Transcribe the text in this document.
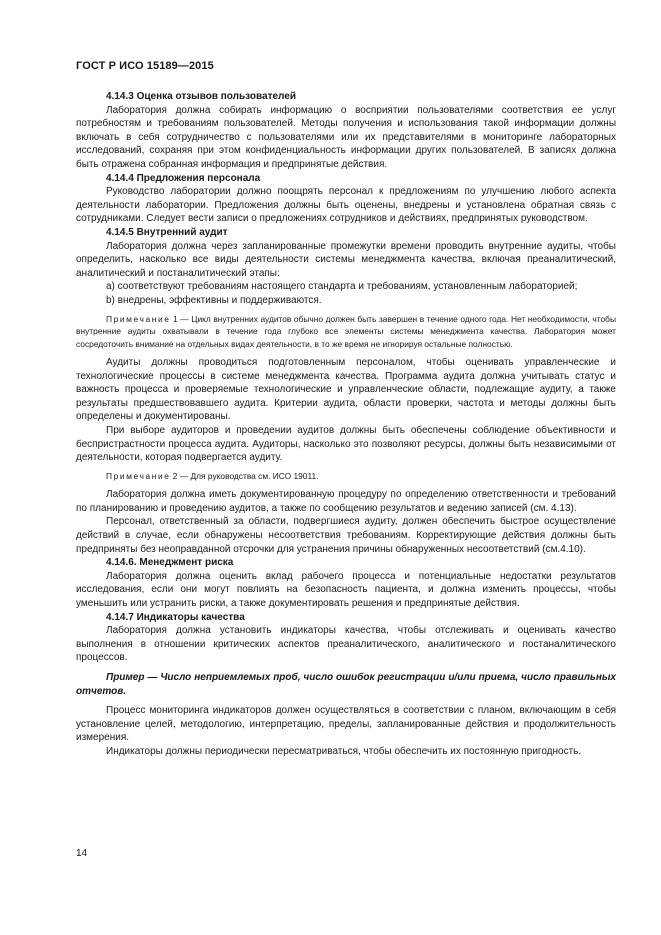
ГОСТ Р ИСО 15189—2015
4.14.3 Оценка отзывов пользователей

Лаборатория должна собирать информацию о восприятии пользователями соответствия ее услуг потребностям и требованиям пользователей. Методы получения и использования такой информации должны включать в себя сотрудничество с пользователями или их представителями в мониторинге лабораторных исследований, сохраняя при этом конфиденциальность информации других пользователей. В записях должна быть отражена собранная информация и предпринятые действия.

4.14.4 Предложения персонала

Руководство лаборатории должно поощрять персонал к предложениям по улучшению любого аспекта деятельности лаборатории. Предложения должны быть оценены, внедрены и установлена обратная связь с сотрудниками. Следует вести записи о предложениях сотрудников и действиях, предпринятых руководством.

4.14.5 Внутренний аудит

Лаборатория должна через запланированные промежутки времени проводить внутренние аудиты, чтобы определить, насколько все виды деятельности системы менеджмента качества, включая преаналитический, аналитический и постаналитический этапы:

a) соответствуют требованиям настоящего стандарта и требованиям, установленным лабораторией;

b) внедрены, эффективны и поддерживаются.

Примечание 1 — Цикл внутренних аудитов обычно должен быть завершен в течение одного года. Нет необходимости, чтобы внутренние аудиты охватывали в течение года глубоко все элементы системы менеджмента качества. Лаборатория может сосредоточить внимание на отдельных видах деятельности, в то же время не игнорируя остальные полностью.

Аудиты должны проводиться подготовленным персоналом, чтобы оценивать управленческие и технологические процессы в системе менеджмента качества. Программа аудита должна учитывать статус и важность процесса и проверяемые технологические и управленческие области, подлежащие аудиту, а также результаты предшествовавшего аудита. Критерии аудита, области проверки, частота и методы должны быть определены и документированы.

При выборе аудиторов и проведении аудитов должны быть обеспечены соблюдение объективности и беспристрастности процесса аудита. Аудиторы, насколько это позволяют ресурсы, должны быть независимыми от деятельности, которая подвергается аудиту.

Примечание 2 — Для руководства см. ИСО 19011.

Лаборатория должна иметь документированную процедуру по определению ответственности и требований по планированию и проведению аудитов, а также по сообщению результатов и ведению записей (см. 4.13).

Персонал, ответственный за области, подвергшиеся аудиту, должен обеспечить быстрое осуществление действий в случае, если обнаружены несоответствия требованиям. Корректирующие действия должны быть предприняты без неоправданной отсрочки для устранения причины обнаруженных несоответствий (см.4.10).

4.14.6. Менеджмент риска

Лаборатория должна оценить вклад рабочего процесса и потенциальные недостатки результатов исследования, если они могут повлиять на безопасность пациента, и должна изменить процессы, чтобы уменьшить или устранить риски, а также документировать решения и предпринятые действия.

4.14.7 Индикаторы качества

Лаборатория должна установить индикаторы качества, чтобы отслеживать и оценивать качество выполнения в отношении критических аспектов преаналитического, аналитического и постаналитического процессов.

Пример — Число неприемлемых проб, число ошибок регистрации и/или приема, число правильных отчетов.

Процесс мониторинга индикаторов должен осуществляться в соответствии с планом, включающим в себя установление целей, методологию, интерпретацию, пределы, запланированные действия и продолжительность измерения.

Индикаторы должны периодически пересматриваться, чтобы обеспечить их постоянную пригодность.

14
